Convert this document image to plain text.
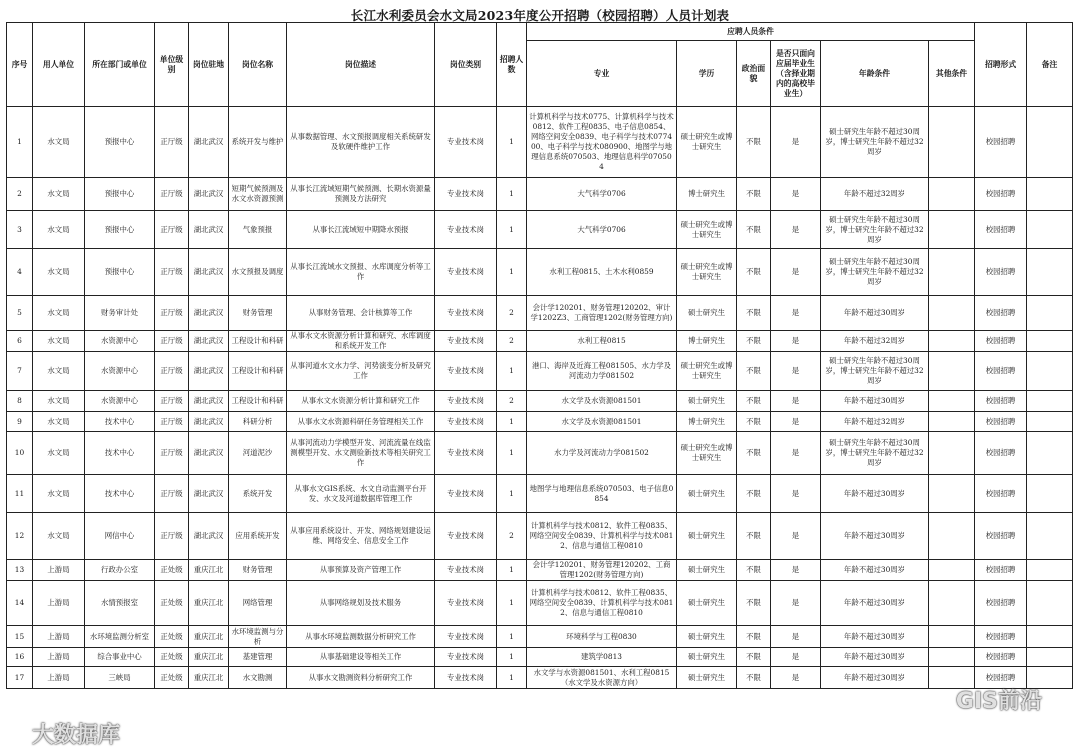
长江水利委员会水文局2023年度公开招聘（校园招聘）人员计划表
序号	用人单位	所在部门或单位	单位级别	岗位驻地	岗位名称	岗位描述	岗位类别	招聘人数	应聘人员条件						招聘形式	备注
									专业	学历	政治面貌	是否只面向应届毕业生（含择业期内的高校毕业生）	年龄条件	其他条件		
1	水文局	预报中心	正厅级	湖北武汉	系统开发与维护	从事数据管理、水文预报调度相关系统研发及软硬件维护工作	专业技术岗	1	计算机科学与技术0775、计算机科学与技术0812、软件工程0835、电子信息0854、网络空间安全0839、电子科学与技术077400、电子科学与技术080900、地图学与地理信息系统070503、地理信息科学070504	硕士研究生或博士研究生	不限	是	硕士研究生年龄不超过30周岁，博士研究生年龄不超过32周岁		校园招聘	
2	水文局	预报中心	正厅级	湖北武汉	短期气候预测及水文水资源预测	从事长江流域短期气候预测、长期水资源量预测及方法研究	专业技术岗	1	大气科学0706	博士研究生	不限	是	年龄不超过32周岁		校园招聘	
3	水文局	预报中心	正厅级	湖北武汉	气象预报	从事长江流域短中期降水预报	专业技术岗	1	大气科学0706	硕士研究生或博士研究生	不限	是	硕士研究生年龄不超过30周岁，博士研究生年龄不超过32周岁		校园招聘	
4	水文局	预报中心	正厅级	湖北武汉	水文预报及调度	从事长江流域水文预报、水库调度分析等工作	专业技术岗	1	水利工程0815、土木水利0859	硕士研究生或博士研究生	不限	是	硕士研究生年龄不超过30周岁，博士研究生年龄不超过32周岁		校园招聘	
5	水文局	财务审计处	正厅级	湖北武汉	财务管理	从事财务管理、会计核算等工作	专业技术岗	2	会计学120201、财务管理120202、审计学1202Z3、工商管理1202(财务管理方向)	硕士研究生	不限	是	年龄不超过30周岁		校园招聘	
6	水文局	水资源中心	正厅级	湖北武汉	工程设计和科研	从事水文水资源分析计算和研究、水库调度和系统开发工作	专业技术岗	2	水利工程0815	博士研究生	不限	是	年龄不超过32周岁		校园招聘	
7	水文局	水资源中心	正厅级	湖北武汉	工程设计和科研	从事河道水文水力学、河势演变分析及研究工作	专业技术岗	1	港口、海岸及近海工程081505、水力学及河流动力学081502	硕士研究生或博士研究生	不限	是	硕士研究生年龄不超过30周岁，博士研究生年龄不超过32周岁		校园招聘	
8	水文局	水资源中心	正厅级	湖北武汉	工程设计和科研	从事水文水资源分析计算和研究工作	专业技术岗	2	水文学及水资源081501	硕士研究生	不限	是	年龄不超过30周岁		校园招聘	
9	水文局	技术中心	正厅级	湖北武汉	科研分析	从事水文水资源科研任务管理相关工作	专业技术岗	1	水文学及水资源081501	博士研究生	不限	是	年龄不超过32周岁		校园招聘	
10	水文局	技术中心	正厅级	湖北武汉	河道泥沙	从事河流动力学模型开发、河流流量在线监测模型开发、水文测验新技术等相关研究工作	专业技术岗	1	水力学及河流动力学081502	硕士研究生或博士研究生	不限	是	硕士研究生年龄不超过30周岁，博士研究生年龄不超过32周岁		校园招聘	
11	水文局	技术中心	正厅级	湖北武汉	系统开发	从事水文GIS系统、水文自动监测平台开发、水文及河道数据库管理工作	专业技术岗	1	地图学与地理信息系统070503、电子信息0854	硕士研究生	不限	是	年龄不超过30周岁		校园招聘	
12	水文局	网信中心	正厅级	湖北武汉	应用系统开发	从事应用系统设计、开发、网络规划建设运维、网络安全、信息安全工作	专业技术岗	2	计算机科学与技术0812、软件工程0835、网络空间安全0839、计算机科学与技术0812、信息与通信工程0810	硕士研究生	不限	是	年龄不超过30周岁		校园招聘	
13	上游局	行政办公室	正处级	重庆江北	财务管理	从事预算及资产管理工作	专业技术岗	1	会计学120201、财务管理120202、工商管理1202(财务管理方向)	硕士研究生	不限	是	年龄不超过30周岁		校园招聘	
14	上游局	水情预报室	正处级	重庆江北	网络管理	从事网络规划及技术服务	专业技术岗	1	计算机科学与技术0812、软件工程0835、网络空间安全0839、计算机科学与技术0812、信息与通信工程0810	硕士研究生	不限	是	年龄不超过30周岁		校园招聘	
15	上游局	水环境监测分析室	正处级	重庆江北	水环境监测与分析	从事水环境监测数据分析研究工作	专业技术岗	1	环境科学与工程0830	硕士研究生	不限	是	年龄不超过30周岁		校园招聘	
16	上游局	综合事业中心	正处级	重庆江北	基建管理	从事基础建设等相关工作	专业技术岗	1	建筑学0813	硕士研究生	不限	是	年龄不超过30周岁		校园招聘	
17	上游局	三峡局	正处级	重庆江北	水文勘测	从事水文勘测资料分析研究工作	专业技术岗	1	水文学与水资源081501、水利工程0815（水文学及水资源方向）	硕士研究生	不限	是	年龄不超过30周岁		校园招聘	
GIS前沿
大数据库
